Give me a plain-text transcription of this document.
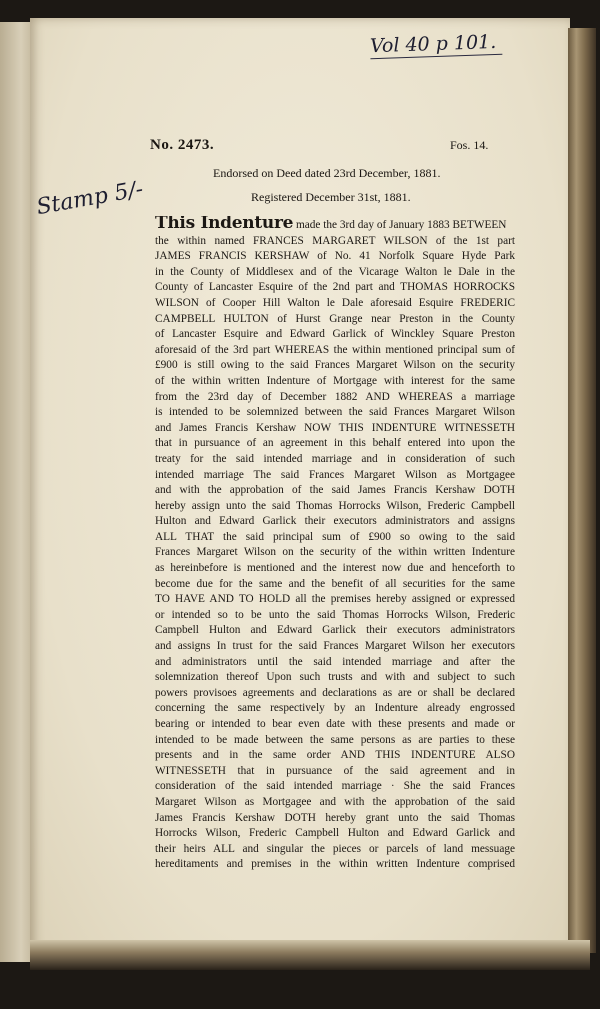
Vol 40 p 101.
Stamp 5/-
No. 2473.	Fos. 14.
Endorsed on Deed dated 23rd December, 1881.
Registered December 31st, 1881.
This Indenture made the 3rd day of January 1883 BETWEEN
the within named FRANCES MARGARET WILSON of the 1st part
JAMES FRANCIS KERSHAW of No. 41 Norfolk Square Hyde Park
in the County of Middlesex and of the Vicarage Walton le Dale in the
County of Lancaster Esquire of the 2nd part and THOMAS HORROCKS
WILSON of Cooper Hill Walton le Dale aforesaid Esquire FREDERIC
CAMPBELL HULTON of Hurst Grange near Preston in the County
of Lancaster Esquire and Edward Garlick of Winckley Square Preston
aforesaid of the 3rd part WHEREAS the within mentioned principal sum of
£900 is still owing to the said Frances Margaret Wilson on the security
of the within written Indenture of Mortgage with interest for the same
from the 23rd day of December 1882 AND WHEREAS a marriage
is intended to be solemnized between the said Frances Margaret Wilson
and James Francis Kershaw NOW THIS INDENTURE WITNESSETH
that in pursuance of an agreement in this behalf entered into upon the
treaty for the said intended marriage and in consideration of such
intended marriage The said Frances Margaret Wilson as Mortgagee
and with the approbation of the said James Francis Kershaw DOTH
hereby assign unto the said Thomas Horrocks Wilson, Frederic Campbell
Hulton and Edward Garlick their executors administrators and assigns
ALL THAT the said principal sum of £900 so owing to the said
Frances Margaret Wilson on the security of the within written Indenture
as hereinbefore is mentioned and the interest now due and henceforth to
become due for the same and the benefit of all securities for the same
TO HAVE AND TO HOLD all the premises hereby assigned or expressed
or intended so to be unto the said Thomas Horrocks Wilson, Frederic
Campbell Hulton and Edward Garlick their executors administrators
and assigns In trust for the said Frances Margaret Wilson her executors
and administrators until the said intended marriage and after the
solemnization thereof Upon such trusts and with and subject to such
powers provisoes agreements and declarations as are or shall be declared
concerning the same respectively by an Indenture already engrossed
bearing or intended to bear even date with these presents and made or
intended to be made between the same persons as are parties to these
presents and in the same order AND THIS INDENTURE ALSO
WITNESSETH that in pursuance of the said agreement and in
consideration of the said intended marriage · She the said Frances
Margaret Wilson as Mortgagee and with the approbation of the said
James Francis Kershaw DOTH hereby grant unto the said Thomas
Horrocks Wilson, Frederic Campbell Hulton and Edward Garlick and
their heirs ALL and singular the pieces or parcels of land messuage
hereditaments and premises in the within written Indenture comprised
